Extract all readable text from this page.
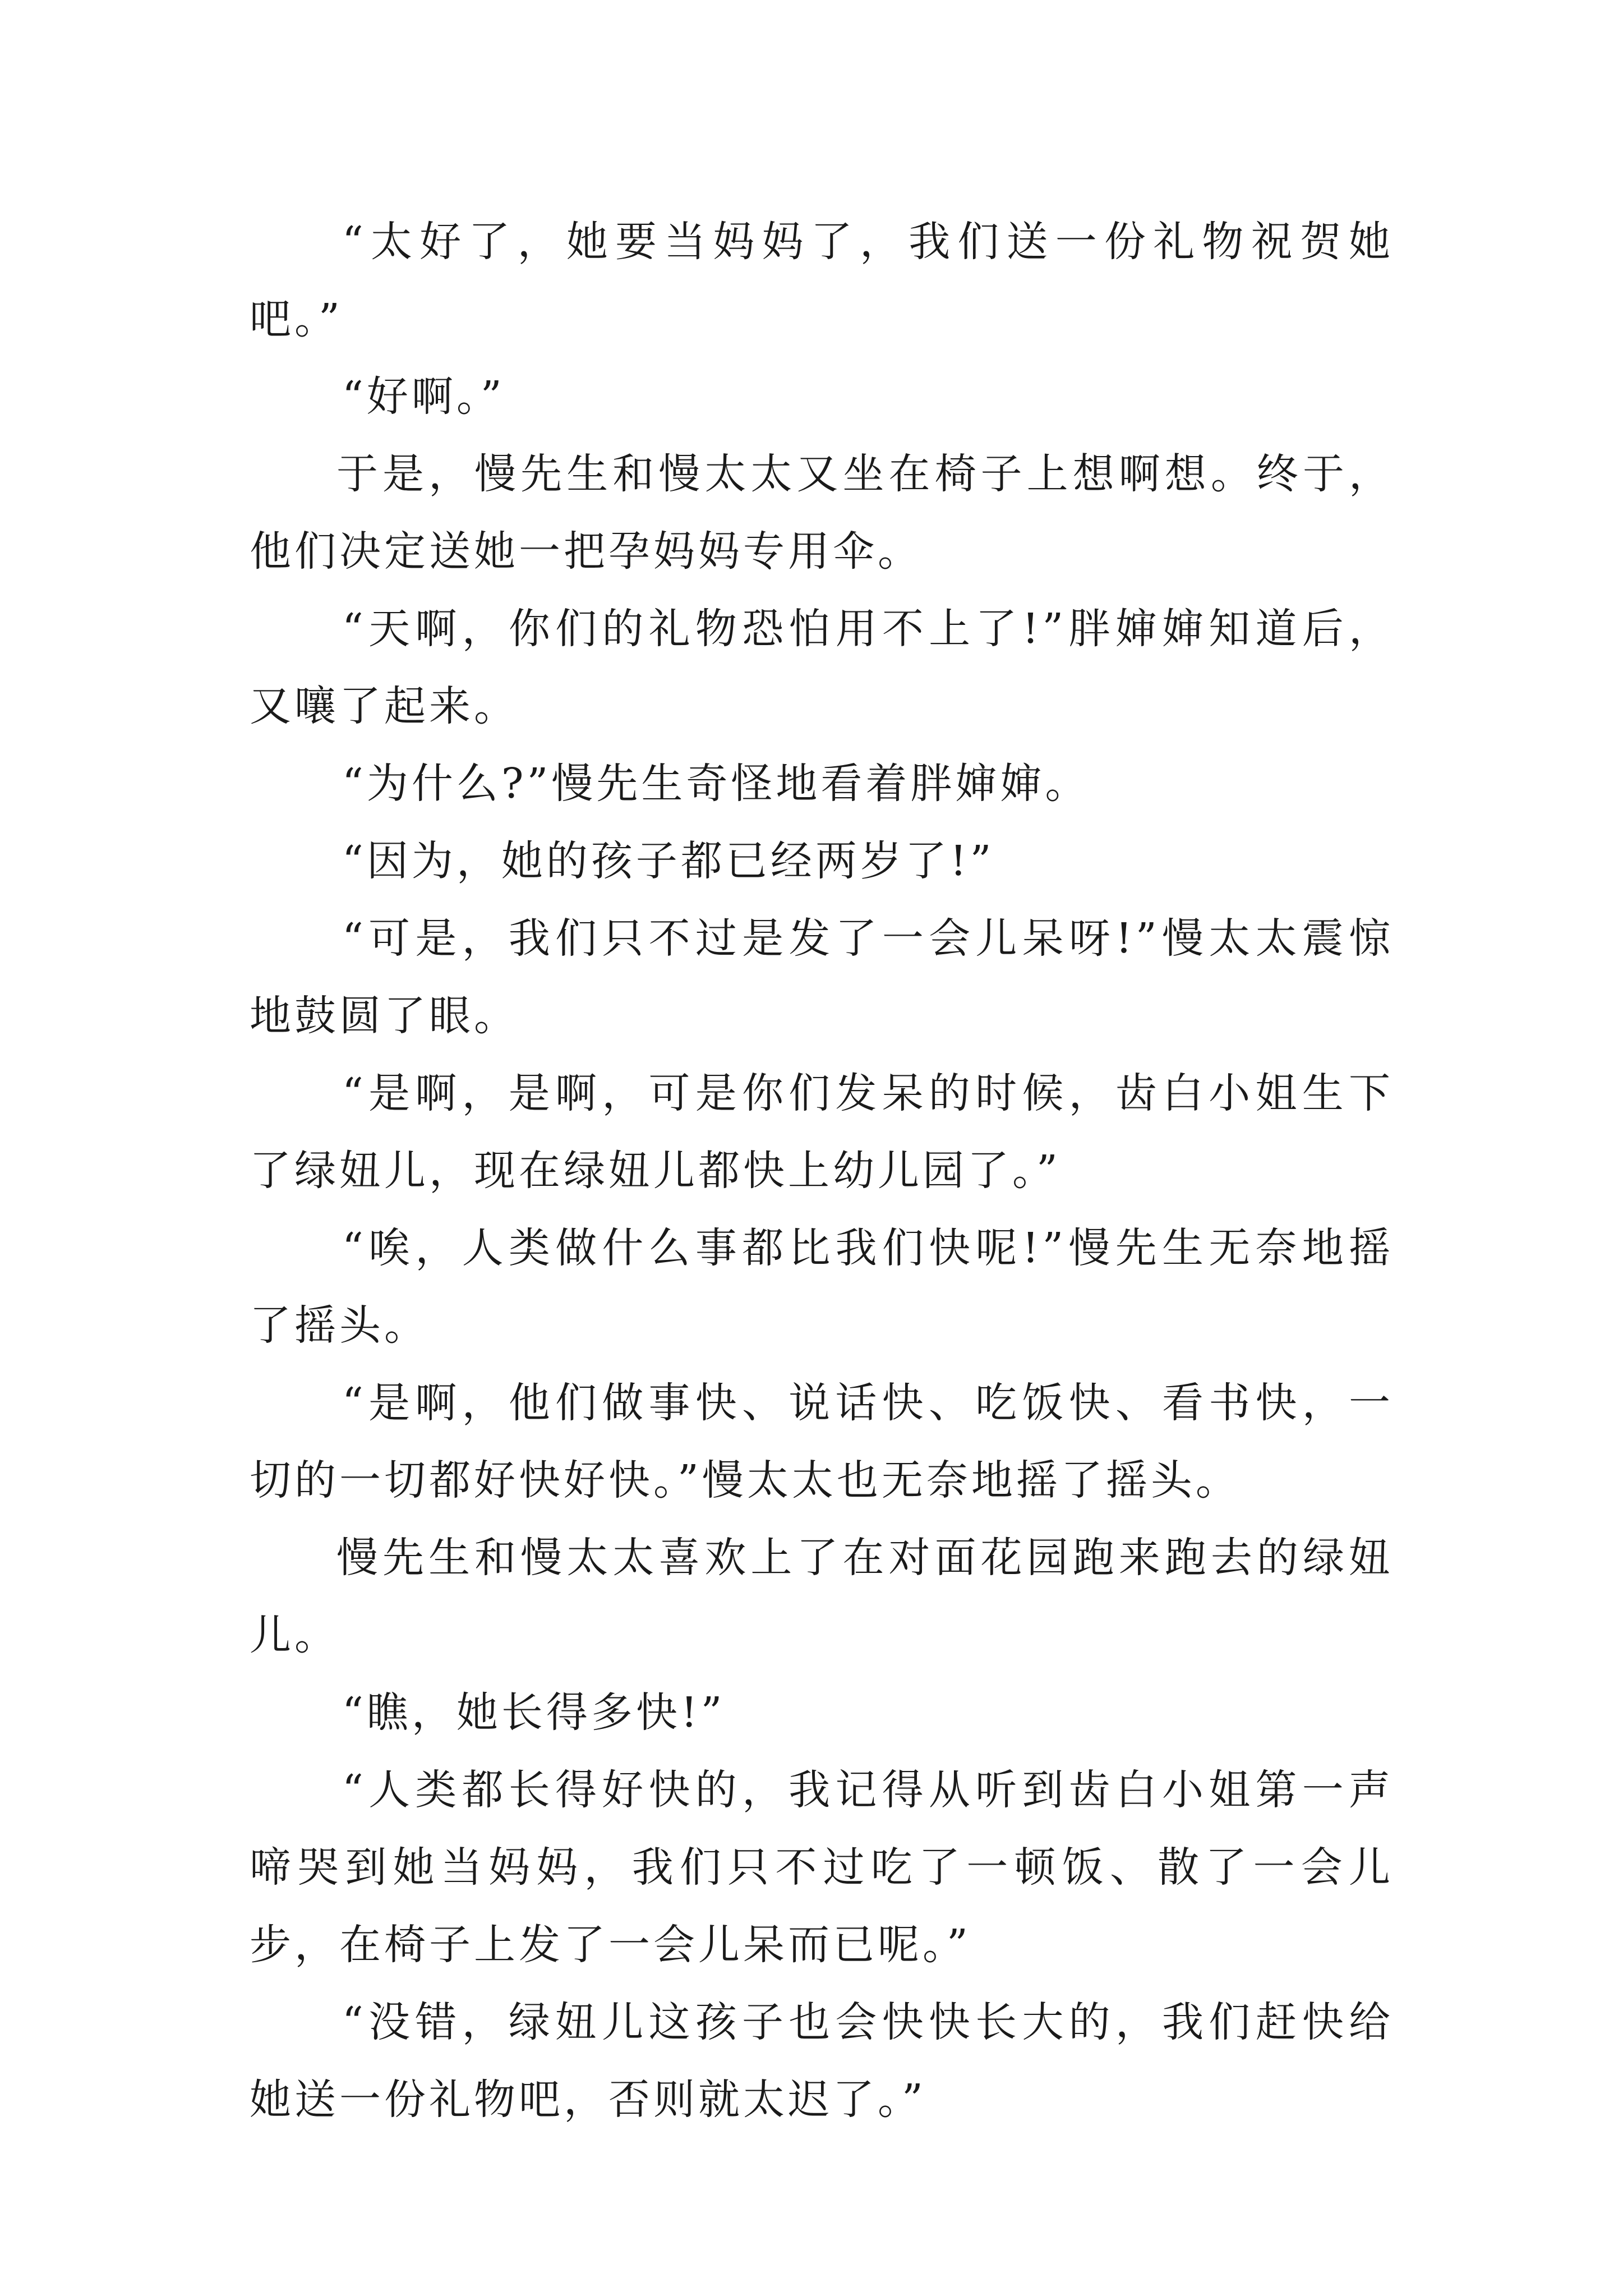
“太好了，她要当妈妈了，我们送一份礼物祝贺她吧。”

“好啊。”

于是，慢先生和慢太太又坐在椅子上想啊想。终于，他们决定送她一把孕妈妈专用伞。

“天啊，你们的礼物恐怕用不上了!”胖婶婶知道后，又嚷了起来。

“为什么?”慢先生奇怪地看着胖婶婶。

“因为，她的孩子都已经两岁了!”

“可是，我们只不过是发了一会儿呆呀!”慢太太震惊地鼓圆了眼。

“是啊，是啊，可是你们发呆的时候，齿白小姐生下了绿妞儿，现在绿妞儿都快上幼儿园了。”

“唉，人类做什么事都比我们快呢!”慢先生无奈地摇了摇头。

“是啊，他们做事快、说话快、吃饭快、看书快，一切的一切都好快好快。”慢太太也无奈地摇了摇头。

慢先生和慢太太喜欢上了在对面花园跑来跑去的绿妞儿。

“瞧，她长得多快!”

“人类都长得好快的，我记得从听到齿白小姐第一声啼哭到她当妈妈，我们只不过吃了一顿饭、散了一会儿步，在椅子上发了一会儿呆而已呢。”

“没错，绿妞儿这孩子也会快快长大的，我们赶快给她送一份礼物吧，否则就太迟了。”
